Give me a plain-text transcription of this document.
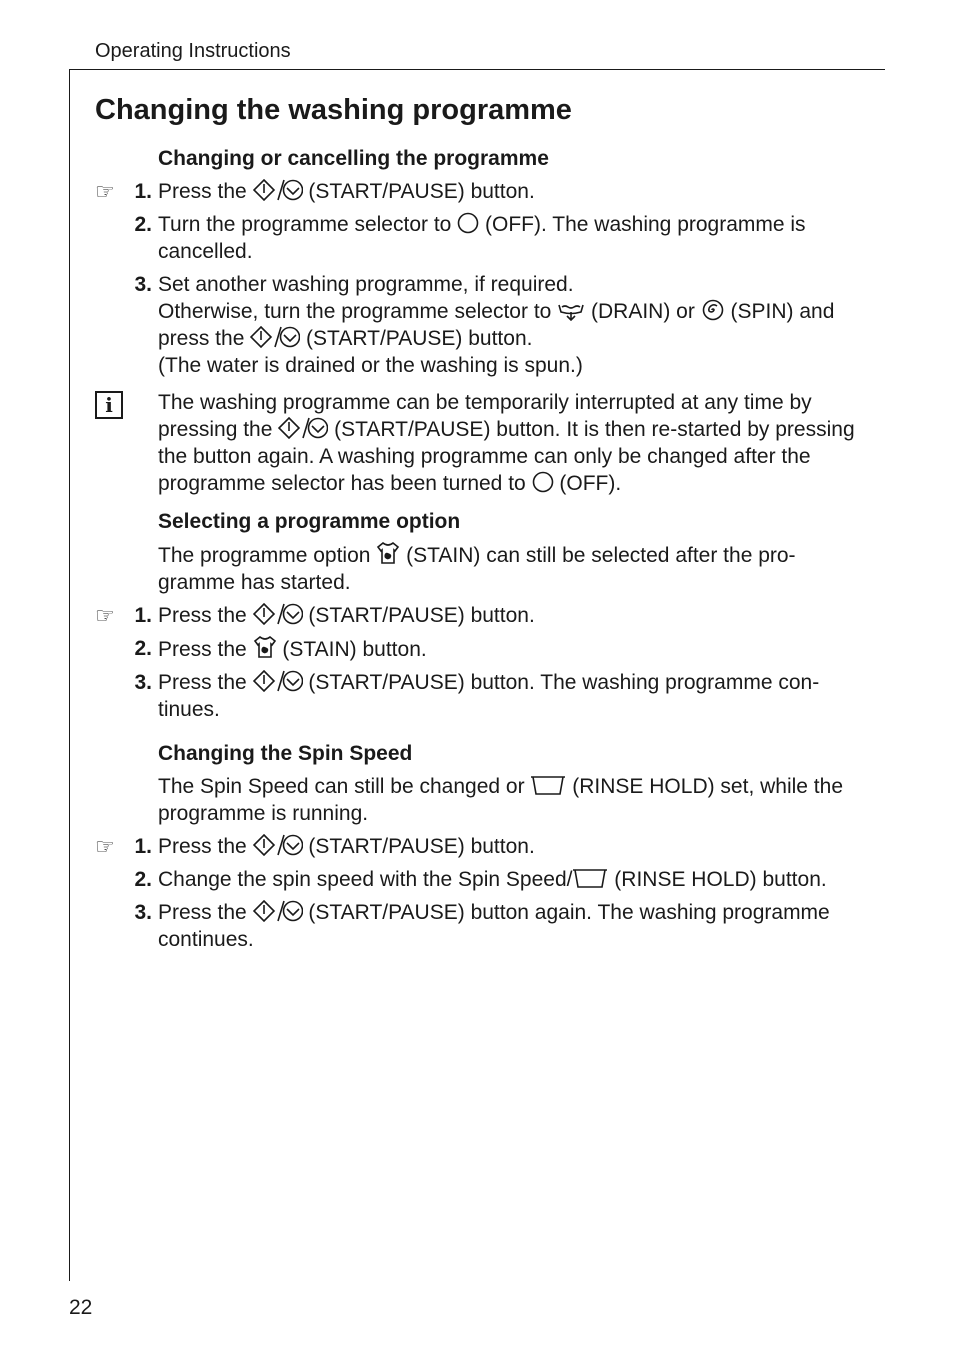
Operating Instructions
22
Changing the washing programme
Changing or cancelling the programme
☞ 1. Press the
(START/PAUSE) button.
2. Turn the programme selector to
(OFF). The washing programme is cancelled.
3. Set another washing programme, if required.
Otherwise, turn the programme selector to
(DRAIN) or
(SPIN) and press the
(START/PAUSE) button.
(The water is drained or the washing is spun.)
i	The washing programme can be temporarily interrupted at any time by pressing the
(START/PAUSE) button. It is then re-started by pressing the button again. A washing programme can only be changed after the programme selector has been turned to
(OFF).
Selecting a programme option
The programme option
(STAIN) can still be selected after the pro-gramme has started.
☞ 1. Press the
(START/PAUSE) button.
2. Press the
(STAIN) button.
3. Press the
(START/PAUSE) button. The washing programme con-tinues.
Changing the Spin Speed
The Spin Speed can still be changed or
(RINSE HOLD) set, while the programme is running.
☞ 1. Press the
(START/PAUSE) button.
2. Change the spin speed with the Spin Speed/
(RINSE HOLD) button.
3. Press the
(START/PAUSE) button again. The washing programme continues.
